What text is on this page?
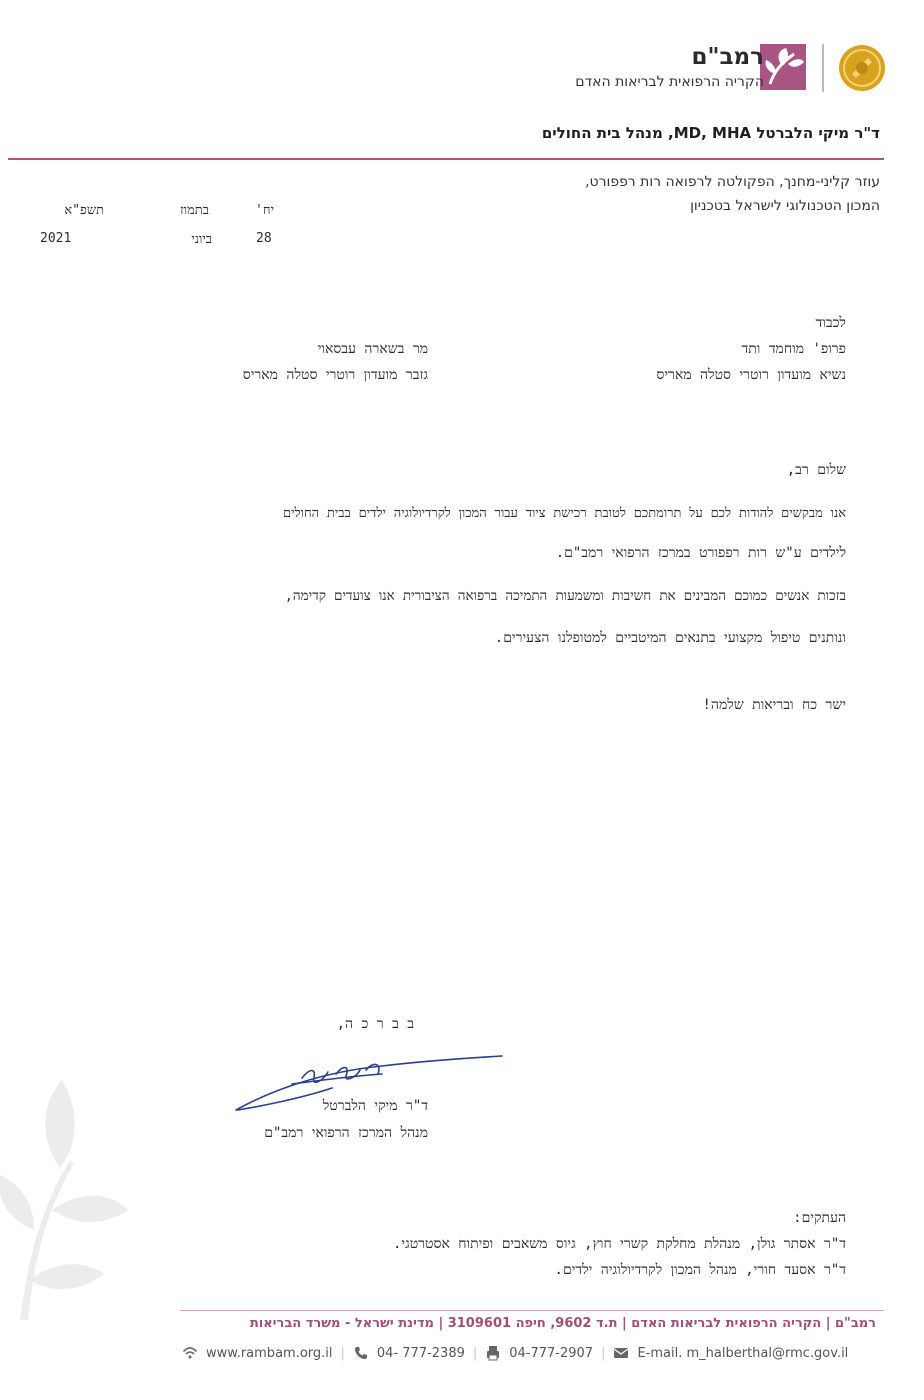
רמב"ם
הקריה הרפואית לבריאות האדם
ד"ר מיקי הלברטל MD, MHA, מנהל בית החולים
עוזר קליני-מחנך, הפקולטה לרפואה רות רפפורט,
המכון הטכנולוגי לישראל בטכניון
יח'
בתמוז
תשפ"א
28
ביוני
2021
לכבוד
פרופ' מוחמד ותד
נשיא מועדון רוטרי סטלה מאריס
מר בשארה עבסאוי
גזבר מועדון רוטרי סטלה מאריס
שלום רב,
אנו מבקשים להודות לכם על תרומתכם לטובת רכישת ציוד עבור המכון לקרדיולוגיה ילדים בבית החולים
לילדים ע"ש רות רפפורט במרכז הרפואי רמב"ם.
בזכות אנשים כמוכם המבינים את חשיבות ומשמעות התמיכה ברפואה הציבורית אנו צועדים קדימה,
ונותנים טיפול מקצועי בתנאים המיטביים למטופלנו הצעירים.
ישר כח ובריאות שלמה!
ב ב ר כ ה,
ד"ר מיקי הלברטל
מנהל המרכז הרפואי רמב"ם
העתקים:
ד"ר אסתר גולן, מנהלת מחלקת קשרי חוץ, גיוס משאבים ופיתוח אסטרטגי.
ד"ר אסעד חורי, מנהל המכון לקרדיולוגיה ילדים.
רמב"ם | הקריה הרפואית לבריאות האדם | ת.ד 9602, חיפה 3109601 | מדינת ישראל - משרד הבריאות
www.rambam.org.il | 04- 777-2389 | 04-777-2907 | E-mail. m_halberthal@rmc.gov.il
